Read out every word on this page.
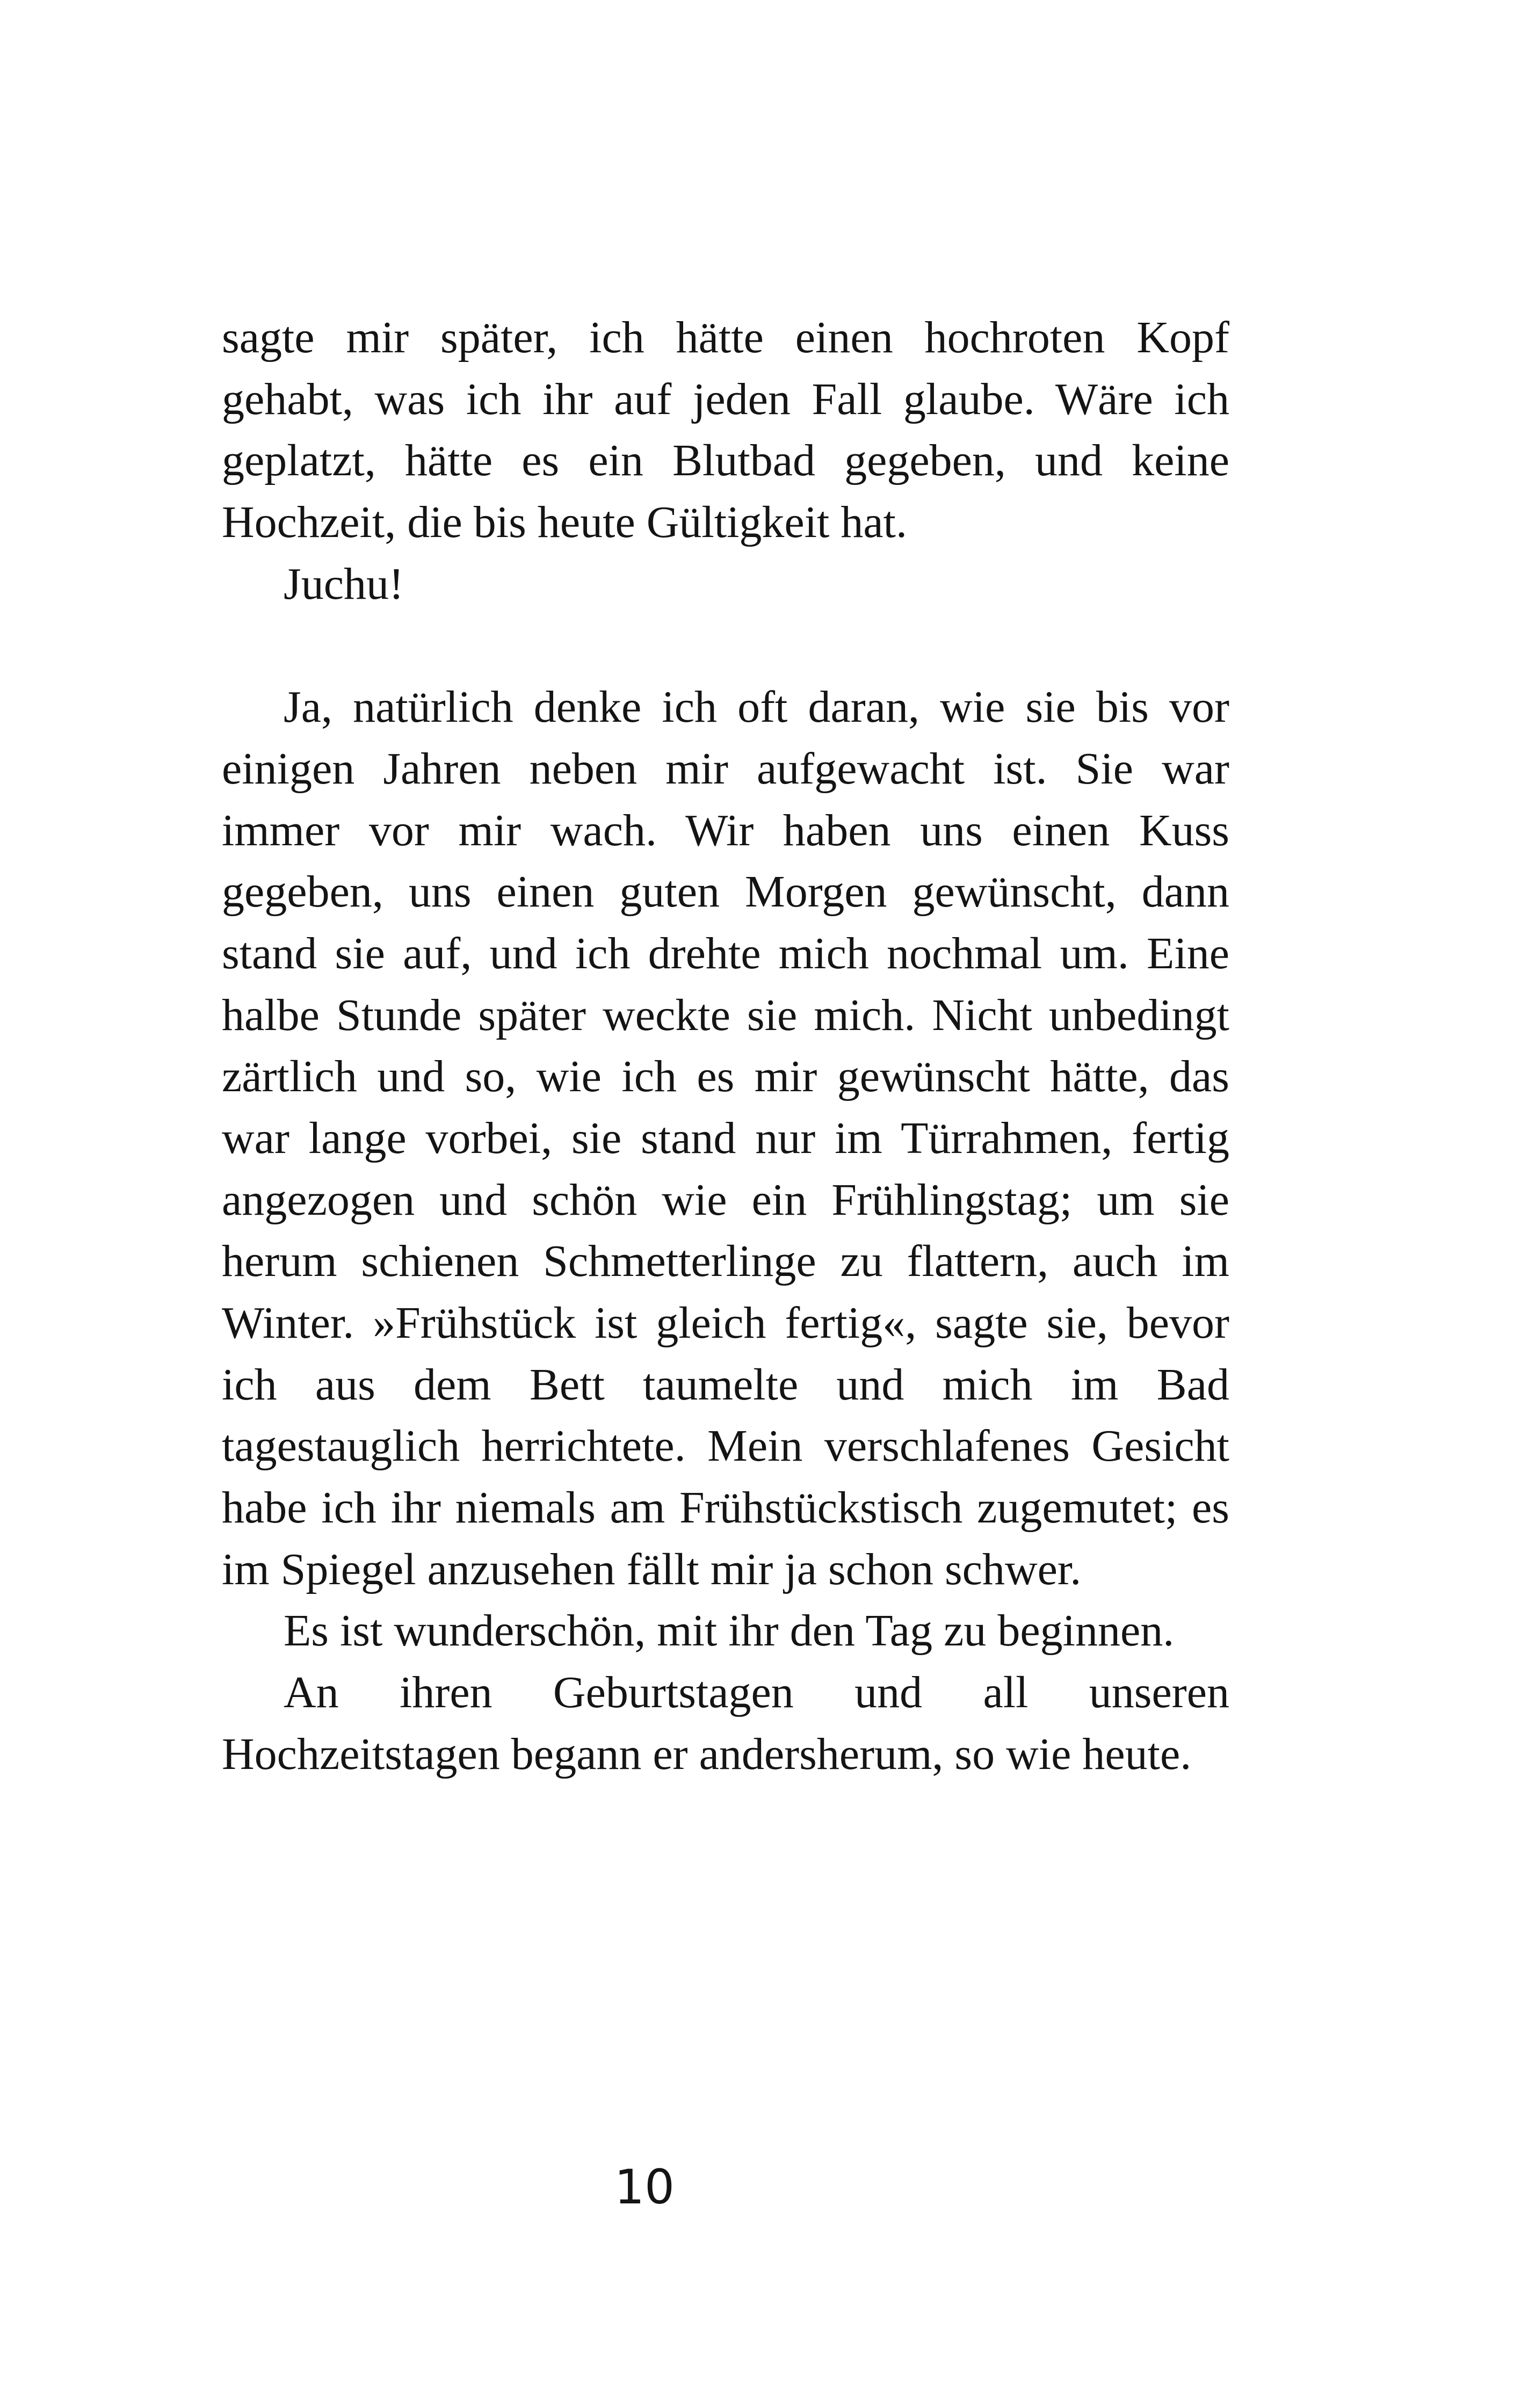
sagte mir später, ich hätte einen hochroten Kopf
gehabt, was ich ihr auf jeden Fall glaube. Wäre ich
geplatzt, hätte es ein Blutbad gegeben, und keine
Hochzeit, die bis heute Gültigkeit hat.
Juchu!
Ja, natürlich denke ich oft daran, wie sie bis vor
einigen Jahren neben mir aufgewacht ist. Sie war
immer vor mir wach. Wir haben uns einen Kuss
gegeben, uns einen guten Morgen gewünscht, dann
stand sie auf, und ich drehte mich nochmal um. Eine
halbe Stunde später weckte sie mich. Nicht unbedingt
zärtlich und so, wie ich es mir gewünscht hätte, das
war lange vorbei, sie stand nur im Türrahmen, fertig
angezogen und schön wie ein Frühlingstag; um sie
herum schienen Schmetterlinge zu flattern, auch im
Winter. »Frühstück ist gleich fertig«, sagte sie, bevor
ich aus dem Bett taumelte und mich im Bad
tagestauglich herrichtete. Mein verschlafenes Gesicht
habe ich ihr niemals am Frühstückstisch zugemutet; es
im Spiegel anzusehen fällt mir ja schon schwer.
Es ist wunderschön, mit ihr den Tag zu beginnen.
An ihren Geburtstagen und all unseren
Hochzeitstagen begann er andersherum, so wie heute.
10
